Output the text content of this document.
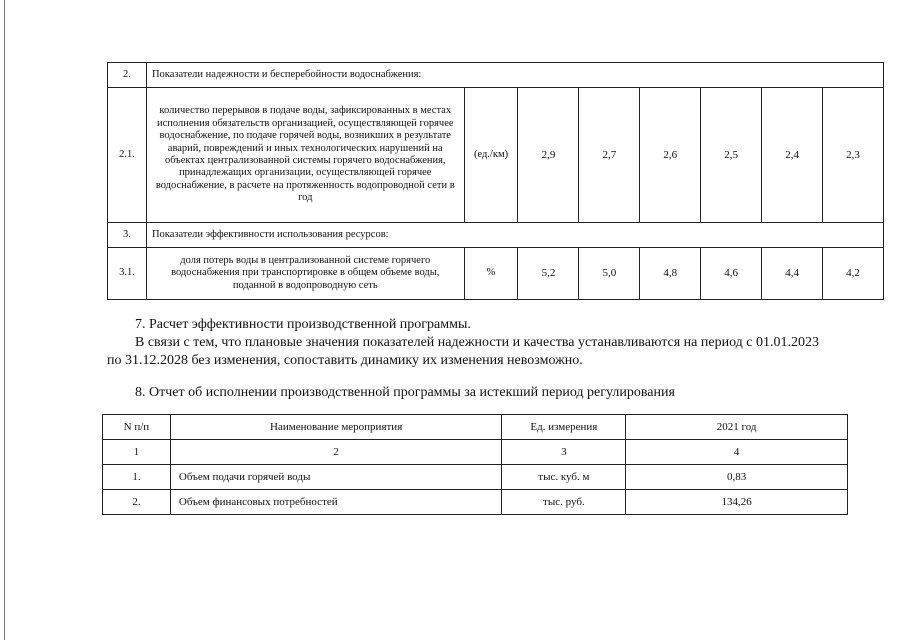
2.	Показатели надежности и бесперебойности водоснабжения:							
2.1.	количество перерывов в подаче воды, зафиксированных в местах исполнения обязательств организацией, осуществляющей горячее водоснабжение, по подаче горячей воды, возникших в результате аварий, повреждений и иных технологических нарушений на объектах централизованной системы горячего водоснабжения, принадлежащих организации, осуществляющей горячее водоснабжение, в расчете на протяженность водопроводной сети в год	(ед./км)	2,9	2,7	2,6	2,5	2,4	2,3
3.	Показатели эффективности использования ресурсов:							
3.1.	доля потерь воды в централизованной системе горячего водоснабжения при транспортировке в общем объеме воды, поданной в водопроводную сеть	%	5,2	5,0	4,8	4,6	4,4	4,2

7. Расчет эффективности производственной программы.

В связи с тем, что плановые значения показателей надежности и качества устанавливаются на период с 01.01.2023

по 31.12.2028 без изменения, сопоставить динамику их изменения невозможно.

8. Отчет об исполнении производственной программы за истекший период регулирования

N п/п	Наименование мероприятия	Ед. измерения	2021 год
1	2	3	4
1.	Объем подачи горячей воды	тыс. куб. м	0,83
2.	Объем финансовых потребностей	тыс. руб.	134,26
